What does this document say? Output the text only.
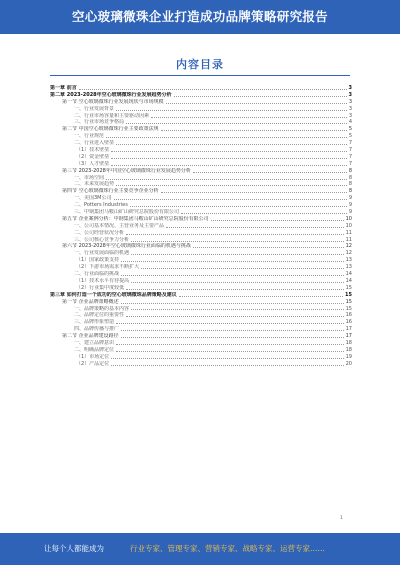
空心玻璃微珠企业打造成功品牌策略研究报告
内容目录
第一章 前言	3
第二章 2023-2028年空心玻璃微珠行业发展趋势分析	3
第一节 空心玻璃微珠行业发展现状与市场规模	3
一、行业发展背景	3
二、行业市场容量和主要驱动因素	3
三、行业市场竞争格局	4
第二节 中国空心玻璃微珠行业主要政策法规	5
一、行业规范	5
二、行业进入壁垒	7
（1）技术壁垒	7
（2）资金壁垒	7
（3）人才壁垒	7
第三节 2023-2028年中国空心玻璃微珠行业发展趋势分析	8
一、市场空间	8
二、未来发展趋势	8
第四节 空心玻璃微珠行业主要竞争企业分析	8
一、美国3M公司	9
二、Potters Industries	9
三、中钢集团马鞍山矿山研究总院股份有限公司	9
第五节 企业案例分析：中钢集团马鞍山矿山研究总院股份有限公司	10
一、公司基本情况、主营业务及主要产品	10
二、公司经营状况分析	11
三、公司核心竞争力分析	11
第六节 2023-2028年空心玻璃微珠行业面临的机遇与挑战	12
一、行业发展面临的机遇	12
（1）国家政策支持	13
（2）下游市场需求不断扩大	13
二、行业面临的挑战	14
（1）技术水平有待提高	14
（2）行业集中度较低	15
第三章 如何打造一个成功的空心玻璃微珠品牌策略及建议	15
第一节 企业品牌策略概述	15
一、品牌策略的基本内容	15
二、品牌定位的重要性	16
三、品牌形象塑造	16
四、品牌传播与推广	17
第二节 企业品牌建设路径	17
一、建立品牌意识	18
二、明确品牌定位	18
（1）市场定位	19
（2）产品定位	20
1
让每个人都能成为	行业专家、管理专家、营销专家、战略专家、运营专家……
